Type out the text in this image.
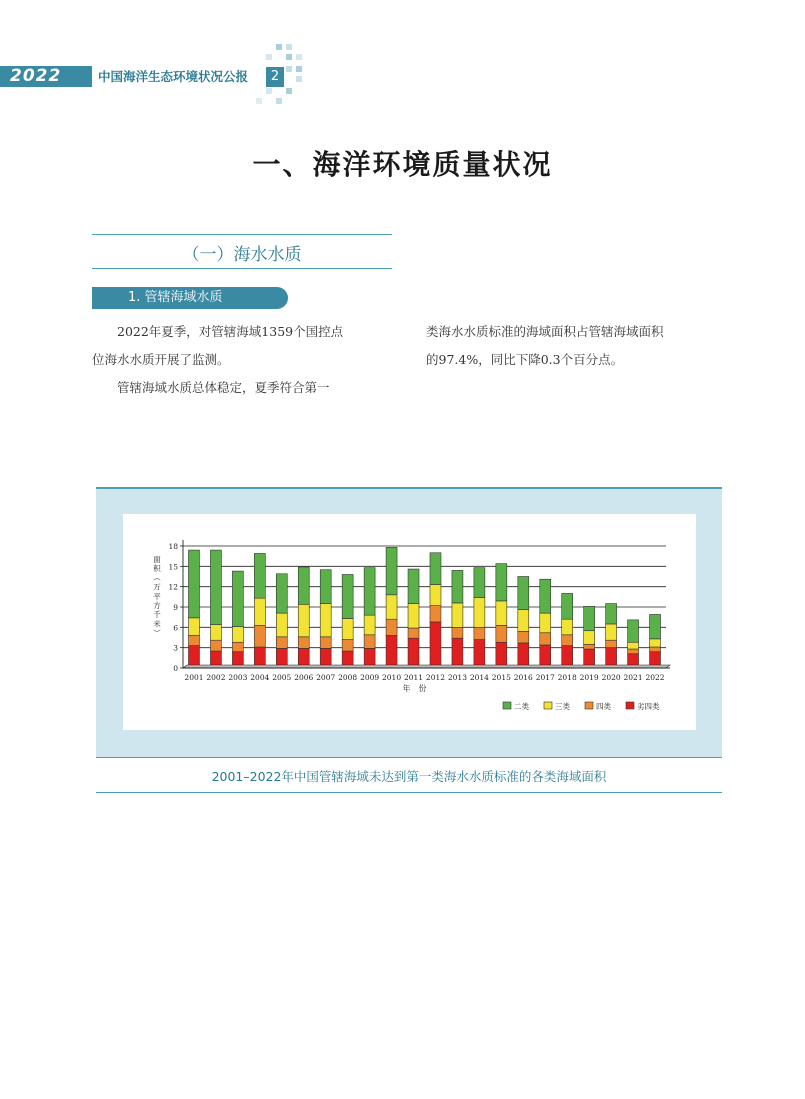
2022	中国海洋生态环境状况公报	2
一、海洋环境质量状况
（一）海水水质
1. 管辖海域水质
2022年夏季，对管辖海域1359个国控点
位海水水质开展了监测。
管辖海域水质总体稳定，夏季符合第一
类海水水质标准的海域面积占管辖海域面积
的97.4%，同比下降0.3个百分点。
0
3
6
9
12
15
18
2001 2002 2003 2004 2005 2006 2007 2008 2009 2010 2011 2012 2013 2014 2015 2016 2017 2018 2019 2020 2021 2022
面
积
（
万
平
方
千
米
）
年　份
二类	三类	四类	劣四类
2001–2022年中国管辖海域未达到第一类海水水质标准的各类海域面积
